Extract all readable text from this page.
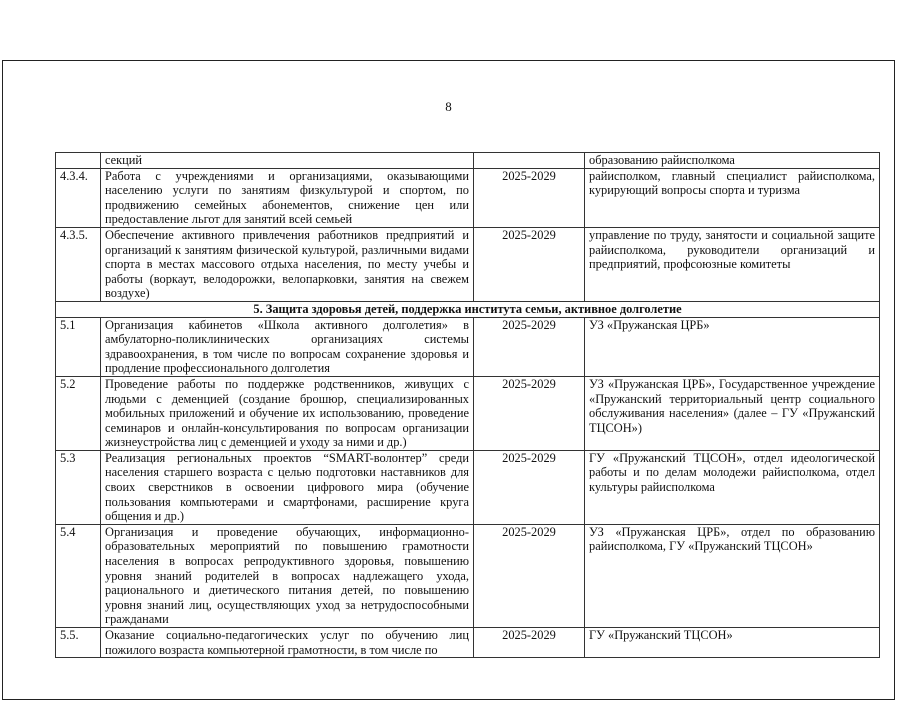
8
	секций		образованию райисполкома
4.3.4.	Работа с учреждениями и организациями, оказывающими населению услуги по занятиям физкультурой и спортом, по продвижению семейных абонементов, снижение цен или предоставление льгот для занятий всей семьей	2025-2029	райисполком, главный специалист райисполкома, курирующий вопросы спорта и туризма
4.3.5.	Обеспечение активного привлечения работников предприятий и организаций к занятиям физической культурой, различными видами спорта в местах массового отдыха населения, по месту учебы и работы (воркаут, велодорожки, велопарковки, занятия на свежем воздухе)	2025-2029	управление по труду, занятости и социальной защите райисполкома, руководители организаций и предприятий, профсоюзные комитеты
5. Защита здоровья детей, поддержка института семьи, активное долголетие			
5.1	Организация кабинетов «Школа активного долголетия» в амбулаторно-поликлинических организациях системы здравоохранения, в том числе по вопросам сохранение здоровья и продление профессионального долголетия	2025-2029	УЗ «Пружанская ЦРБ»
5.2	Проведение работы по поддержке родственников, живущих с людьми с деменцией (создание брошюр, специализированных мобильных приложений и обучение их использованию, проведение семинаров и онлайн-консультирования по вопросам организации жизнеустройства лиц с деменцией и уходу за ними и др.)	2025-2029	УЗ «Пружанская ЦРБ», Государственное учреждение «Пружанский территориальный центр социального обслуживания населения» (далее – ГУ «Пружанский ТЦСОН»)
5.3	Реализация региональных проектов “SMART-волонтер” среди населения старшего возраста с целью подготовки наставников для своих сверстников в освоении цифрового мира (обучение пользования компьютерами и смартфонами, расширение круга общения и др.)	2025-2029	ГУ «Пружанский ТЦСОН», отдел идеологической работы и по делам молодежи райисполкома, отдел культуры райисполкома
5.4	Организация и проведение обучающих, информационно-образовательных мероприятий по повышению грамотности населения в вопросах репродуктивного здоровья, повышению уровня знаний родителей в вопросах надлежащего ухода, рационального и диетического питания детей, по повышению уровня знаний лиц, осуществляющих уход за нетрудоспособными гражданами	2025-2029	УЗ «Пружанская ЦРБ», отдел по образованию райисполкома, ГУ «Пружанский ТЦСОН»
5.5.	Оказание социально-педагогических услуг по обучению лиц пожилого возраста компьютерной грамотности, в том числе по	2025-2029	ГУ «Пружанский ТЦСОН»
